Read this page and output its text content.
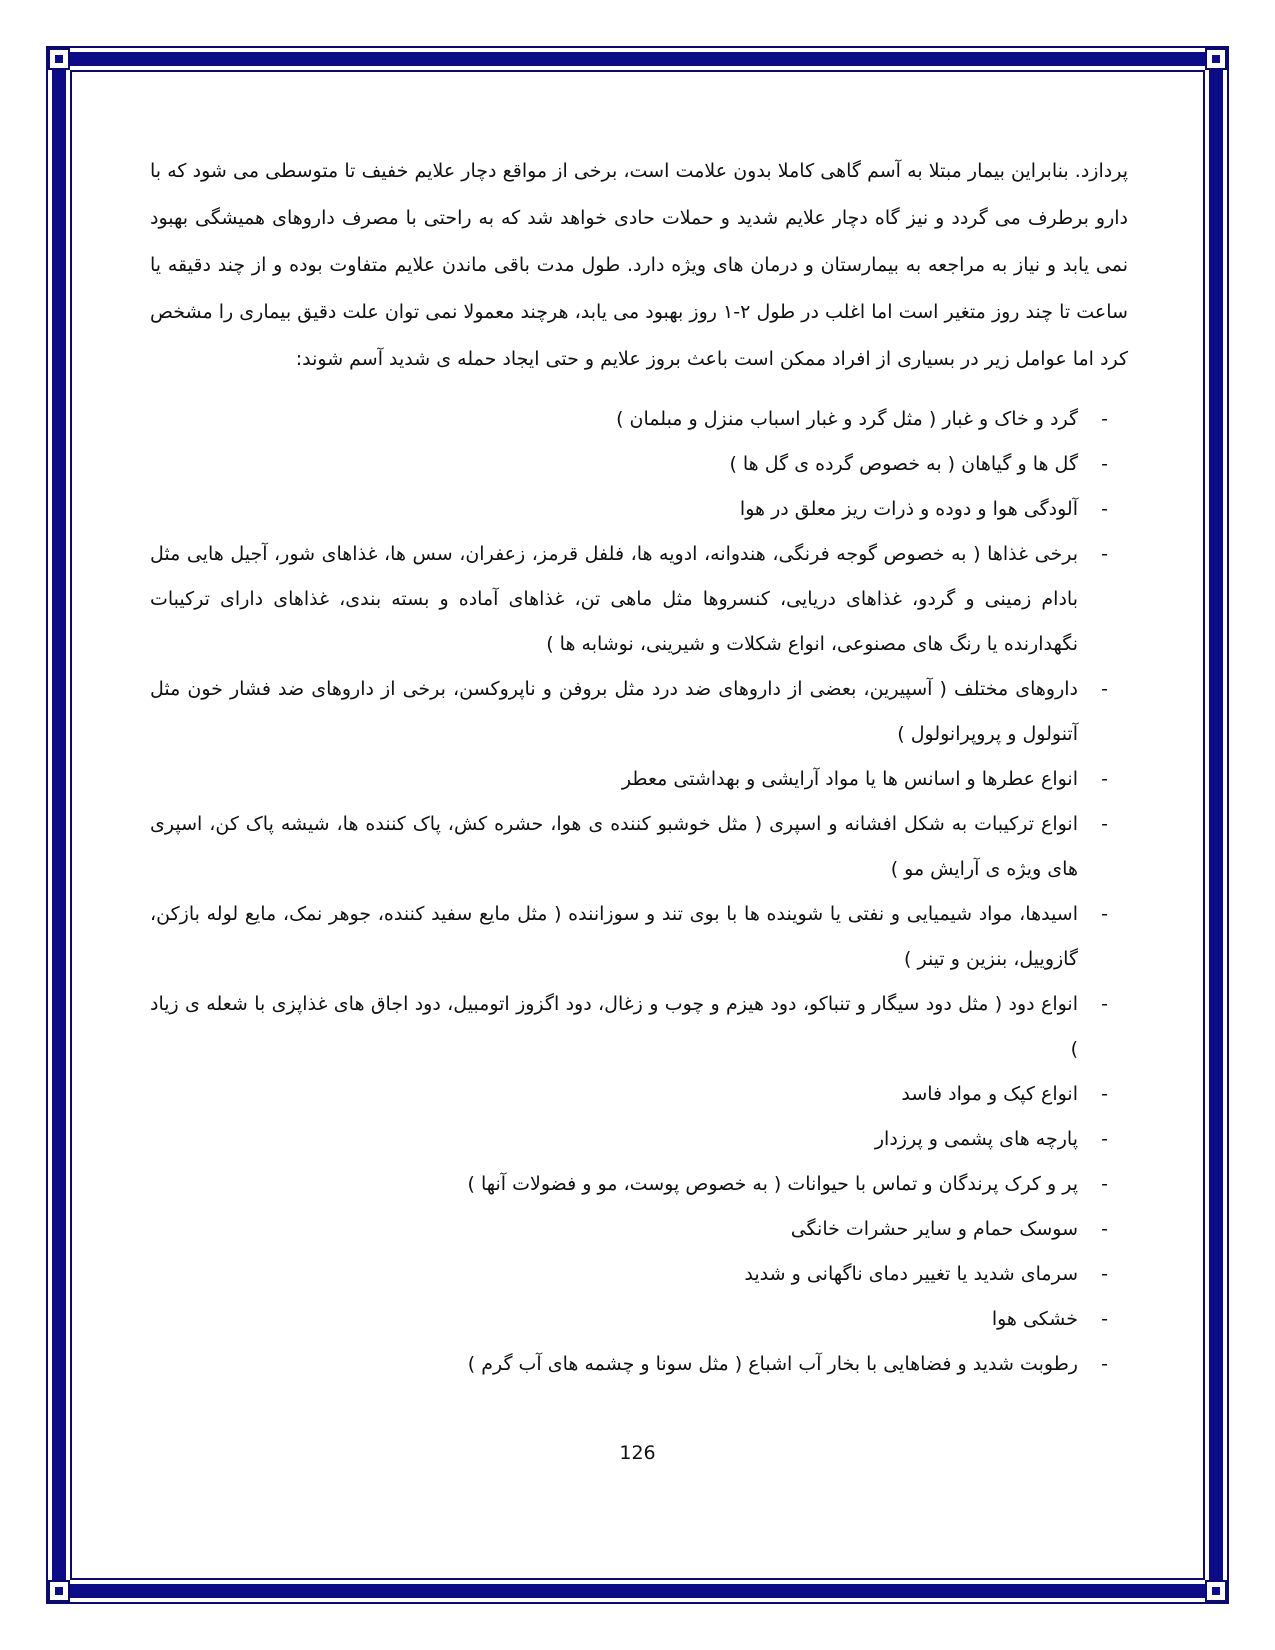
پردازد. بنابراین بیمار مبتلا به آسم گاهی کاملا بدون علامت است، برخی از مواقع دچار علایم خفیف تا متوسطی می شود که با دارو برطرف می گردد و نیز گاه دچار علایم شدید و حملات حادی خواهد شد که به راحتی با مصرف داروهای همیشگی بهبود نمی یابد و نیاز به مراجعه به بیمارستان و درمان های ویژه دارد. طول مدت باقی ماندن علایم متفاوت بوده و از چند دقیقه یا ساعت تا چند روز متغیر است اما اغلب در طول ۲-۱ روز بهبود می یابد، هرچند معمولا نمی توان علت دقیق بیماری را مشخص کرد اما عوامل زیر در بسیاری از افراد ممکن است باعث بروز علایم و حتی ایجاد حمله ی شدید آسم شوند:

-
گرد و خاک و غبار ( مثل گرد و غبار اسباب منزل و مبلمان )
-
گل ها و گیاهان ( به خصوص گرده ی گل ها )
-
آلودگی هوا و دوده و ذرات ریز معلق در هوا
-
برخی غذاها ( به خصوص گوجه فرنگی، هندوانه، ادویه ها، فلفل قرمز، زعفران، سس ها، غذاهای شور، آجیل هایی مثل بادام زمینی و گردو، غذاهای دریایی، کنسروها مثل ماهی تن، غذاهای آماده و بسته بندی، غذاهای دارای ترکیبات نگهدارنده یا رنگ های مصنوعی، انواع شکلات و شیرینی، نوشابه ها )
-
داروهای مختلف ( آسپیرین، بعضی از داروهای ضد درد مثل بروفن و ناپروکسن، برخی از داروهای ضد فشار خون مثل آتنولول و پروپرانولول )
-
انواع عطرها و اسانس ها یا مواد آرایشی و بهداشتی معطر
-
انواع ترکیبات به شکل افشانه و اسپری ( مثل خوشبو کننده ی هوا، حشره کش، پاک کننده ها، شیشه پاک کن، اسپری های ویژه ی آرایش مو )
-
اسیدها، مواد شیمیایی و نفتی یا شوینده ها با بوی تند و سوزاننده ( مثل مایع سفید کننده، جوهر نمک، مایع لوله بازکن، گازوییل، بنزین و تینر )
-
انواع دود ( مثل دود سیگار و تنباکو، دود هیزم و چوب و زغال، دود اگزوز اتومبیل، دود اجاق های غذاپزی با شعله ی زیاد )
-
انواع کپک و مواد فاسد
-
پارچه های پشمی و پرزدار
-
پر و کرک پرندگان و تماس با حیوانات ( به خصوص پوست، مو و فضولات آنها )
-
سوسک حمام و سایر حشرات خانگی
-
سرمای شدید یا تغییر دمای ناگهانی و شدید
-
خشکی هوا
-
رطوبت شدید و فضاهایی با بخار آب اشباع ( مثل سونا و چشمه های آب گرم )
126
